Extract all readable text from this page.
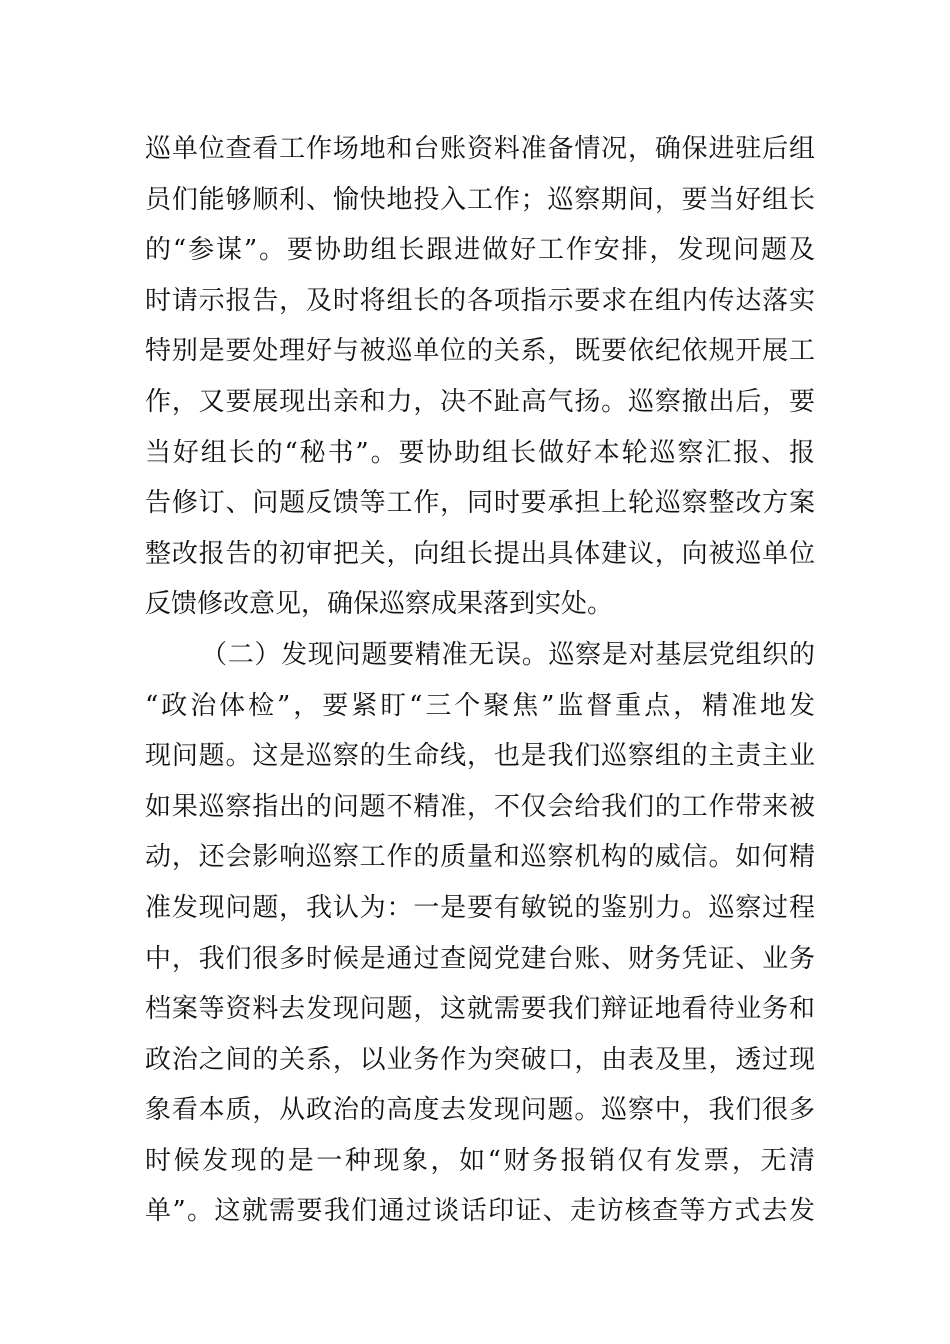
巡单位查看工作场地和台账资料准备情况，确保进驻后组
员们能够顺利、愉快地投入工作；巡察期间，要当好组长
的“参谋”。要协助组长跟进做好工作安排，发现问题及
时请示报告，及时将组长的各项指示要求在组内传达落实
特别是要处理好与被巡单位的关系，既要依纪依规开展工
作，又要展现出亲和力，决不趾高气扬。巡察撤出后，要
当好组长的“秘书”。要协助组长做好本轮巡察汇报、报
告修订、问题反馈等工作，同时要承担上轮巡察整改方案
整改报告的初审把关，向组长提出具体建议，向被巡单位
反馈修改意见，确保巡察成果落到实处。
（二）发现问题要精准无误。巡察是对基层党组织的
“政治体检”，要紧盯“三个聚焦”监督重点，精准地发
现问题。这是巡察的生命线，也是我们巡察组的主责主业
如果巡察指出的问题不精准，不仅会给我们的工作带来被
动，还会影响巡察工作的质量和巡察机构的威信。如何精
准发现问题，我认为：一是要有敏锐的鉴别力。巡察过程
中，我们很多时候是通过查阅党建台账、财务凭证、业务
档案等资料去发现问题，这就需要我们辩证地看待业务和
政治之间的关系，以业务作为突破口，由表及里，透过现
象看本质，从政治的高度去发现问题。巡察中，我们很多
时候发现的是一种现象，如“财务报销仅有发票，无清
单”。这就需要我们通过谈话印证、走访核查等方式去发
